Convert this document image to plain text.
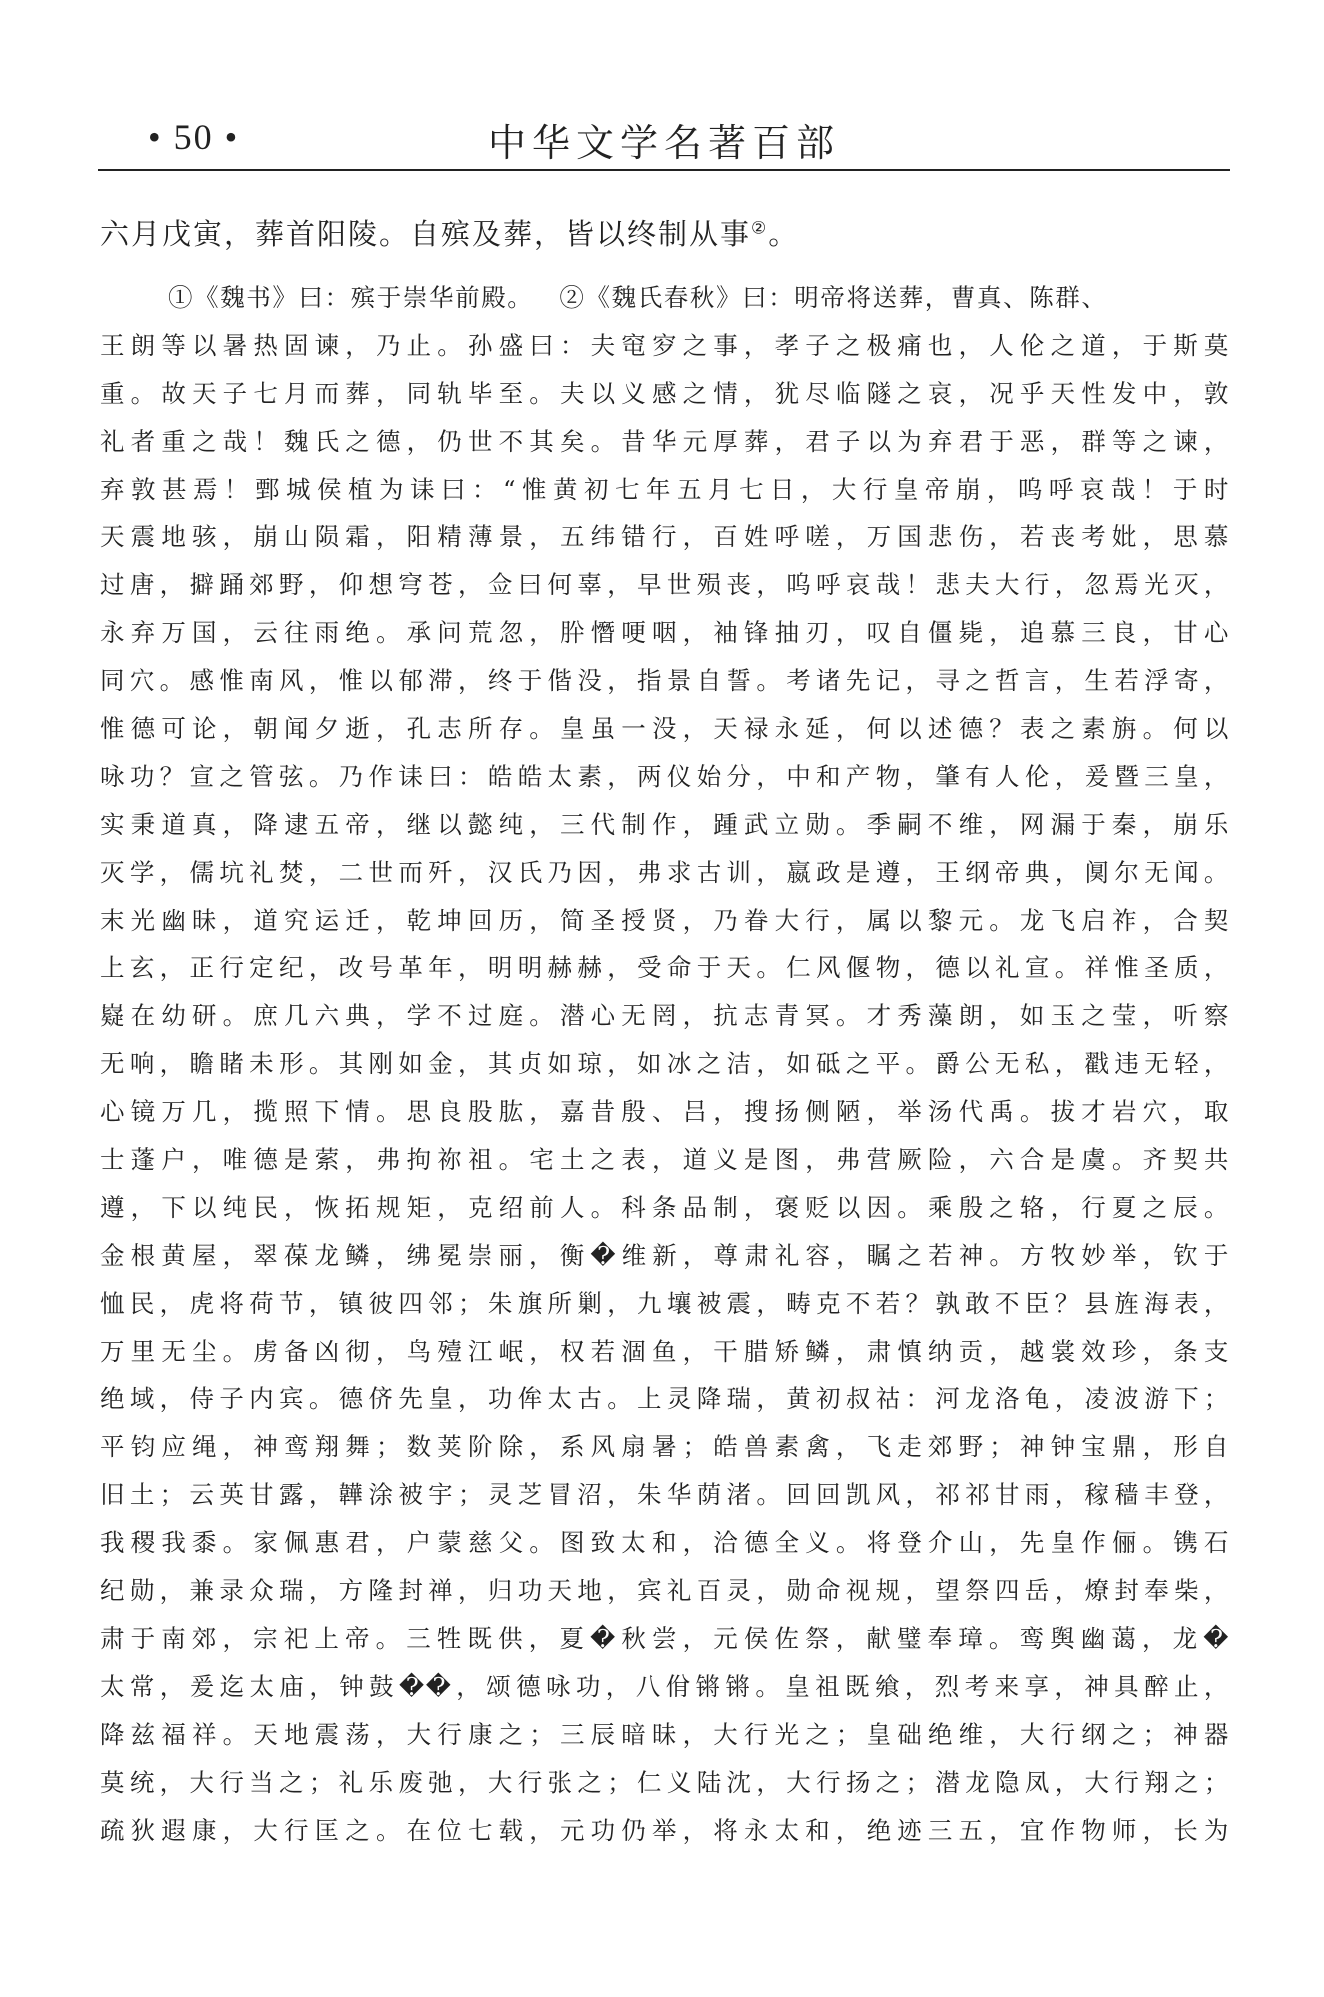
• 50 •	中华文学名著百部
六月戊寅，葬首阳陵。自殡及葬，皆以终制从事②。
①《魏书》曰：殡于崇华前殿。 ②《魏氏春秋》曰：明帝将送葬，曹真、陈群、
王朗等以暑热固谏，乃止。孙盛曰：夫窀穸之事，孝子之极痛也，人伦之道，于斯莫
重。故天子七月而葬，同轨毕至。夫以义感之情，犹尽临隧之哀，况乎天性发中，敦
礼者重之哉！魏氏之德，仍世不其矣。昔华元厚葬，君子以为弃君于恶，群等之谏，
弃敦甚焉！鄄城侯植为诔曰：“惟黄初七年五月七日，大行皇帝崩，呜呼哀哉！于时
天震地骇，崩山陨霜，阳精薄景，五纬错行，百姓呼嗟，万国悲伤，若丧考妣，思慕
过唐，擗踊郊野，仰想穹苍，佥曰何辜，早世殒丧，呜呼哀哉！悲夫大行，忽焉光灭，
永弃万国，云往雨绝。承问荒忽，肸憯哽咽，袖锋抽刃，叹自僵毙，追慕三良，甘心
同穴。感惟南风，惟以郁滞，终于偕没，指景自誓。考诸先记，寻之哲言，生若浮寄，
惟德可论，朝闻夕逝，孔志所存。皇虽一没，天禄永延，何以述德？表之素旃。何以
咏功？宣之管弦。乃作诔曰：皓皓太素，两仪始分，中和产物，肇有人伦，爰暨三皇，
实秉道真，降逮五帝，继以懿纯，三代制作，踵武立勋。季嗣不维，网漏于秦，崩乐
灭学，儒坑礼焚，二世而歼，汉氏乃因，弗求古训，嬴政是遵，王纲帝典，阒尔无闻。
末光幽昧，道究运迁，乾坤回历，简圣授贤，乃眷大行，属以黎元。龙飞启祚，合契
上玄，正行定纪，改号革年，明明赫赫，受命于天。仁风偃物，德以礼宣。祥惟圣质，
嶷在幼研。庶几六典，学不过庭。潜心无罔，抗志青冥。才秀藻朗，如玉之莹，听察
无响，瞻睹未形。其刚如金，其贞如琼，如冰之洁，如砥之平。爵公无私，戳违无轻，
心镜万几，揽照下情。思良股肱，嘉昔殷、吕，搜扬侧陋，举汤代禹。拔才岩穴，取
士蓬户，唯德是萦，弗拘祢祖。宅土之表，道义是图，弗营厥险，六合是虞。齐契共
遵，下以纯民，恢拓规矩，克绍前人。科条品制，褒贬以因。乘殷之辂，行夏之辰。
金根黄屋，翠葆龙鳞，绋冕崇丽，衡�维新，尊肃礼容，瞩之若神。方牧妙举，钦于
恤民，虎将荷节，镇彼四邻；朱旗所剿，九壤被震，畴克不若？孰敢不臣？县旌海表，
万里无尘。虏备凶彻，鸟殪江岷，权若涸鱼，干腊矫鳞，肃慎纳贡，越裳效珍，条支
绝域，侍子内宾。德侪先皇，功侔太古。上灵降瑞，黄初叔祜：河龙洛龟，凌波游下；
平钧应绳，神鸾翔舞；数荚阶除，系风扇暑；皓兽素禽，飞走郊野；神钟宝鼎，形自
旧土；云英甘露，韡涂被宇；灵芝冒沼，朱华荫渚。回回凯风，祁祁甘雨，稼穑丰登，
我稷我黍。家佩惠君，户蒙慈父。图致太和，洽德全义。将登介山，先皇作俪。镌石
纪勋，兼录众瑞，方隆封禅，归功天地，宾礼百灵，勋命视规，望祭四岳，燎封奉柴，
肃于南郊，宗祀上帝。三牲既供，夏�秋尝，元侯佐祭，献璧奉璋。鸾舆幽蔼，龙�
太常，爰迄太庙，钟鼓��，颂德咏功，八佾锵锵。皇祖既飨，烈考来享，神具醉止，
降兹福祥。天地震荡，大行康之；三辰暗昧，大行光之；皇础绝维，大行纲之；神器
莫统，大行当之；礼乐废弛，大行张之；仁义陆沈，大行扬之；潜龙隐凤，大行翔之；
疏狄遐康，大行匡之。在位七载，元功仍举，将永太和，绝迹三五，宜作物师，长为
